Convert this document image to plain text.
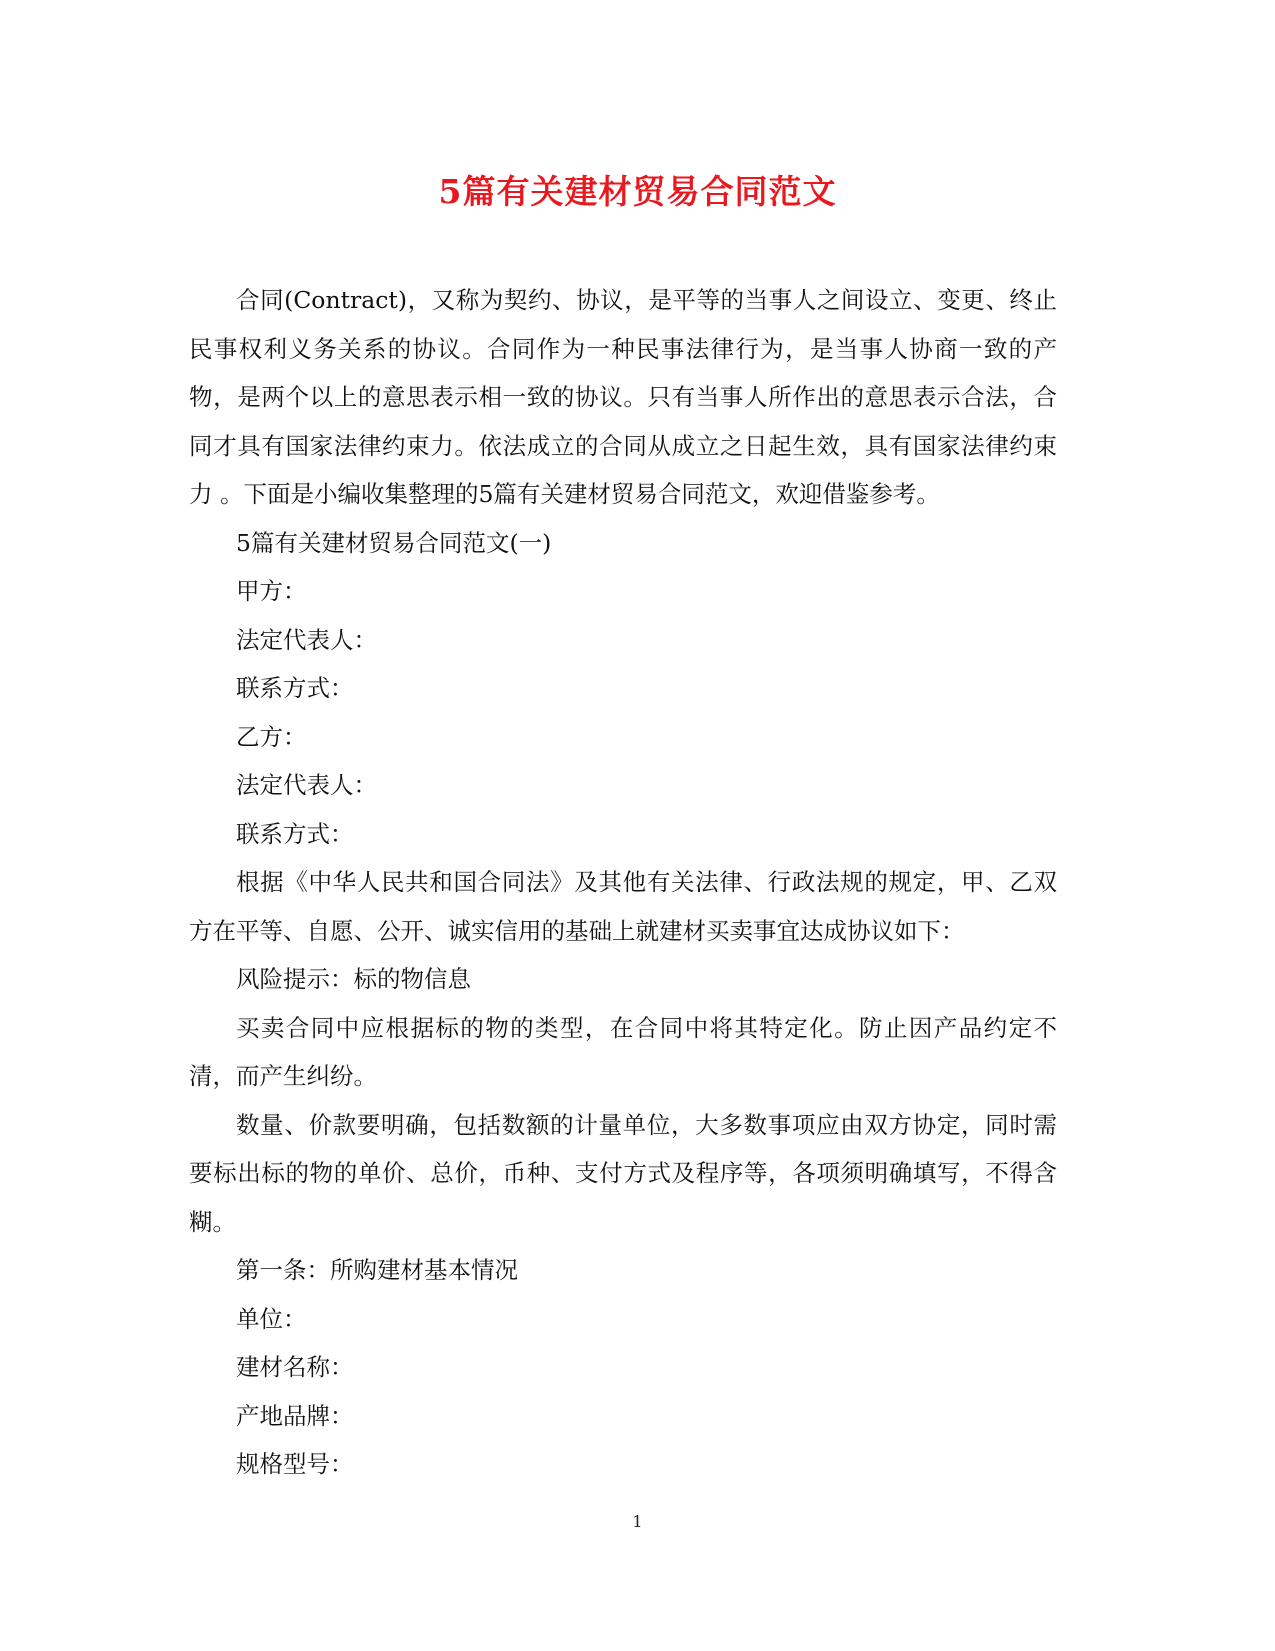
5篇有关建材贸易合同范文

合同(Contract)，又称为契约、协议，是平等的当事人之间设立、变更、终止民事权利义务关系的协议。合同作为一种民事法律行为，是当事人协商一致的产物，是两个以上的意思表示相一致的协议。只有当事人所作出的意思表示合法，合同才具有国家法律约束力。依法成立的合同从成立之日起生效，具有国家法律约束力 。下面是小编收集整理的5篇有关建材贸易合同范文，欢迎借鉴参考。

5篇有关建材贸易合同范文(一)

甲方：

法定代表人：

联系方式：

乙方：

法定代表人：

联系方式：

根据《中华人民共和国合同法》及其他有关法律、行政法规的规定，甲、乙双方在平等、自愿、公开、诚实信用的基础上就建材买卖事宜达成协议如下：

风险提示：标的物信息

买卖合同中应根据标的物的类型，在合同中将其特定化。防止因产品约定不清，而产生纠纷。

数量、价款要明确，包括数额的计量单位，大多数事项应由双方协定，同时需要标出标的物的单价、总价，币种、支付方式及程序等，各项须明确填写，不得含糊。

第一条：所购建材基本情况

单位：

建材名称：

产地品牌：

规格型号：

1
